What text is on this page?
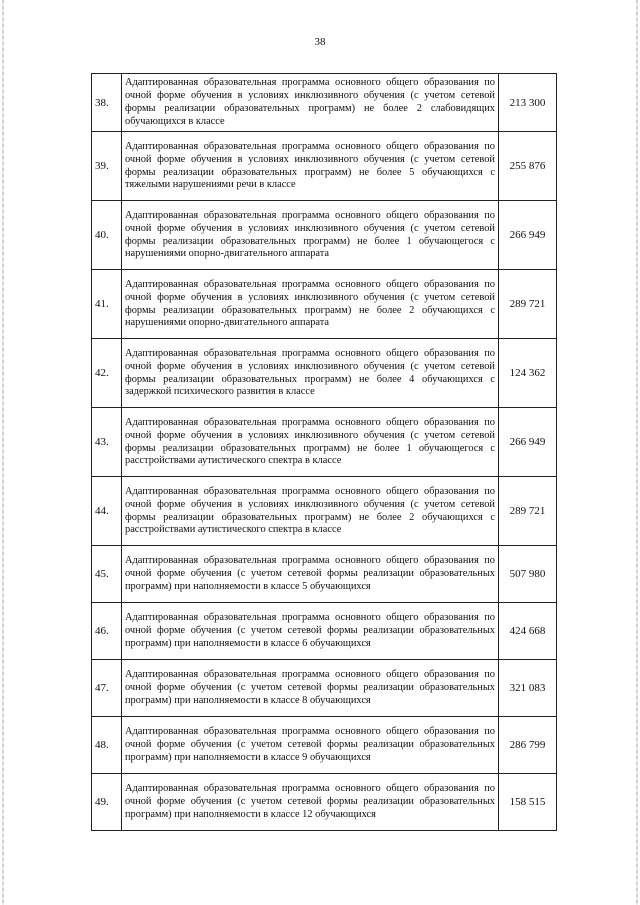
38
38.	Адаптированная образовательная программа основного общего образования по очной форме обучения в условиях инклюзивного обучения (с учетом сетевой формы реализации образовательных программ) не более 2 слабовидящих обучающихся в классе	213 300
39.	Адаптированная образовательная программа основного общего образования по очной форме обучения в условиях инклюзивного обучения (с учетом сетевой формы реализации образовательных программ) не более 5 обучающихся с тяжелыми нарушениями речи в классе	255 876
40.	Адаптированная образовательная программа основного общего образования по очной форме обучения в условиях инклюзивного обучения (с учетом сетевой формы реализации образовательных программ) не более 1 обучающегося с нарушениями опорно-двигательного аппарата	266 949
41.	Адаптированная образовательная программа основного общего образования по очной форме обучения в условиях инклюзивного обучения (с учетом сетевой формы реализации образовательных программ) не более 2 обучающихся с нарушениями опорно-двигательного аппарата	289 721
42.	Адаптированная образовательная программа основного общего образования по очной форме обучения в условиях инклюзивного обучения (с учетом сетевой формы реализации образовательных программ) не более 4 обучающихся с задержкой психического развития в классе	124 362
43.	Адаптированная образовательная программа основного общего образования по очной форме обучения в условиях инклюзивного обучения (с учетом сетевой формы реализации образовательных программ) не более 1 обучающегося с расстройствами аутистического спектра в классе	266 949
44.	Адаптированная образовательная программа основного общего образования по очной форме обучения в условиях инклюзивного обучения (с учетом сетевой формы реализации образовательных программ) не более 2 обучающихся с расстройствами аутистического спектра в классе	289 721
45.	Адаптированная образовательная программа основного общего образования по очной форме обучения (с учетом сетевой формы реализации образовательных программ) при наполняемости в классе 5 обучающихся	507 980
46.	Адаптированная образовательная программа основного общего образования по очной форме обучения (с учетом сетевой формы реализации образовательных программ) при наполняемости в классе 6 обучающихся	424 668
47.	Адаптированная образовательная программа основного общего образования по очной форме обучения (с учетом сетевой формы реализации образовательных программ) при наполняемости в классе 8 обучающихся	321 083
48.	Адаптированная образовательная программа основного общего образования по очной форме обучения (с учетом сетевой формы реализации образовательных программ) при наполняемости в классе 9 обучающихся	286 799
49.	Адаптированная образовательная программа основного общего образования по очной форме обучения (с учетом сетевой формы реализации образовательных программ) при наполняемости в классе 12 обучающихся	158 515
